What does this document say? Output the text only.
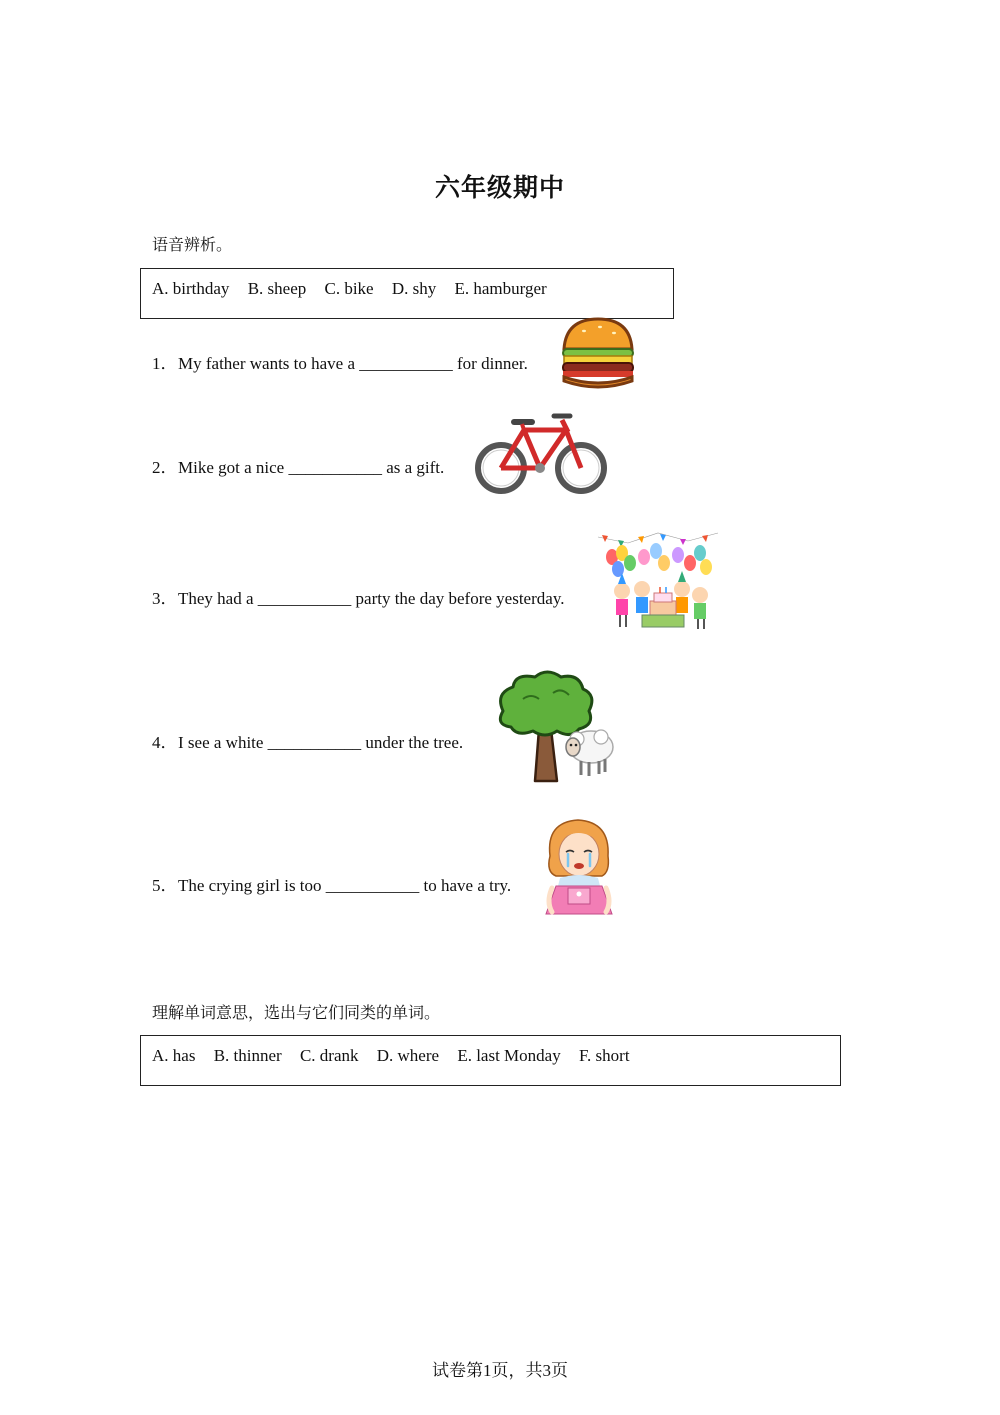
六年级期中
语音辨析。
A. birthday B. sheep C. bike D. shy E. hamburger
1．My father wants to have a ___________ for dinner.
2．Mike got a nice ___________ as a gift.
3．They had a ___________ party the day before yesterday.
4．I see a white ___________ under the tree.
5．The crying girl is too ___________ to have a try.
理解单词意思，选出与它们同类的单词。
A. has B. thinner C. drank D. where E. last Monday F. short
试卷第1页，共3页
